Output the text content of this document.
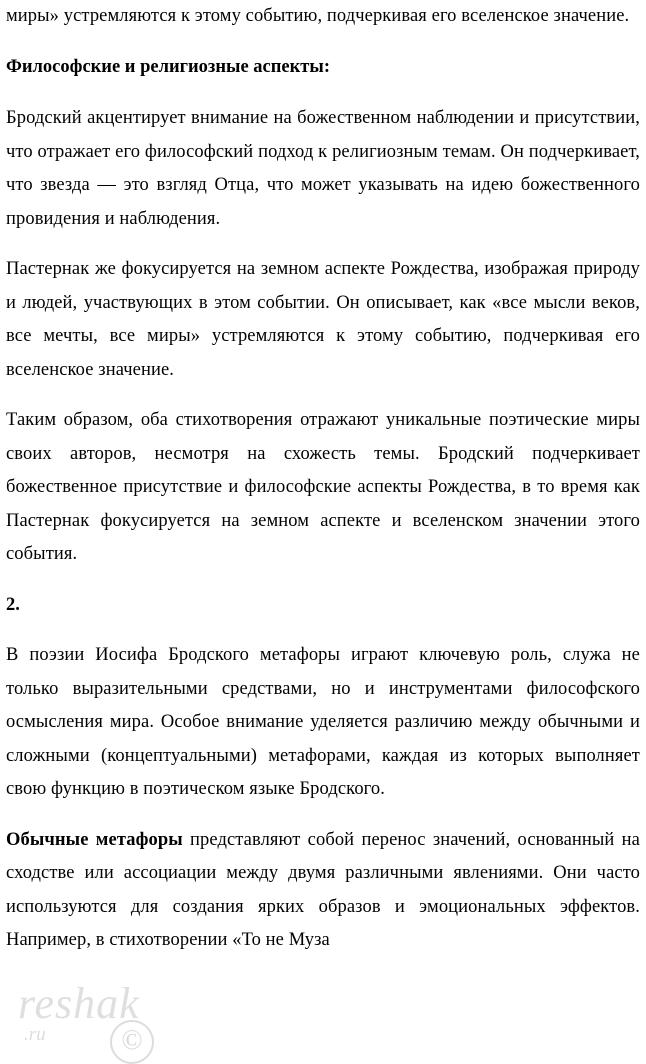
reshak
.ru	©

миры» устремляются к этому событию, подчеркивая его вселенское значение.

Философские и религиозные аспекты:

Бродский акцентирует внимание на божественном наблюдении и присутствии, что отражает его философский подход к религиозным темам. Он подчеркивает, что звезда — это взгляд Отца, что может указывать на идею божественного провидения и наблюдения.

Пастернак же фокусируется на земном аспекте Рождества, изображая природу и людей, участвующих в этом событии. Он описывает, как «все мысли веков, все мечты, все миры» устремляются к этому событию, подчеркивая его вселенское значение.

Таким образом, оба стихотворения отражают уникальные поэтические миры своих авторов, несмотря на схожесть темы. Бродский подчеркивает божественное присутствие и философские аспекты Рождества, в то время как Пастернак фокусируется на земном аспекте и вселенском значении этого события.

2.

В поэзии Иосифа Бродского метафоры играют ключевую роль, служа не только выразительными средствами, но и инструментами философского осмысления мира. Особое внимание уделяется различию между обычными и сложными (концептуальными) метафорами, каждая из которых выполняет свою функцию в поэтическом языке Бродского.

Обычные метафоры представляют собой перенос значений, основанный на сходстве или ассоциации между двумя различными явлениями. Они часто используются для создания ярких образов и эмоциональных эффектов. Например, в стихотворении «То не Муза
